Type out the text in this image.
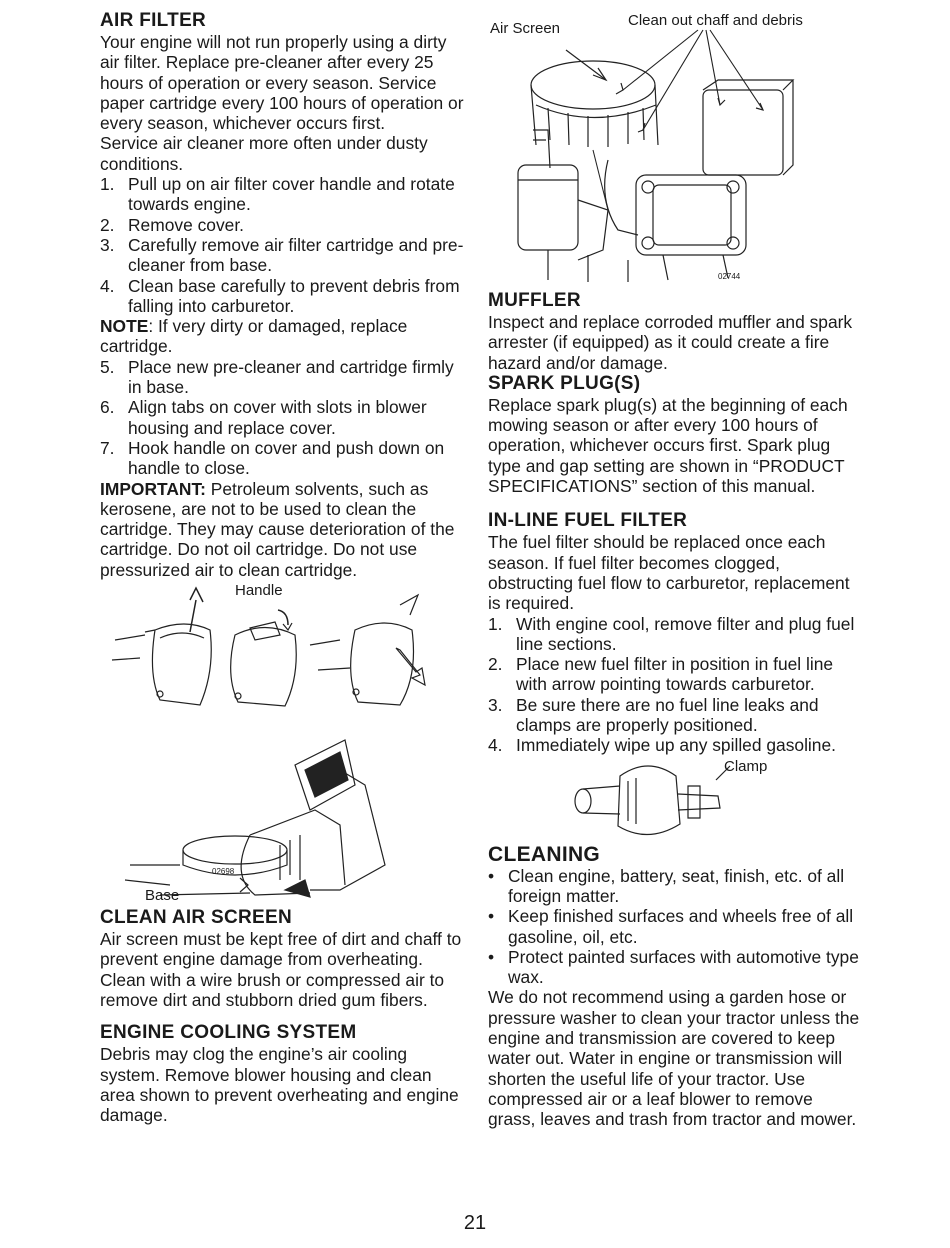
AIR FILTER

Your engine will not run properly using a dirty air filter. Replace pre-cleaner after every 25 hours of operation or every season. Service paper cartridge every 100 hours of operation or every season, whichever occurs first.

Service air cleaner more often under dusty conditions.

1. Pull up on air filter cover handle and rotate towards engine.
2. Remove cover.
3. Carefully remove air filter cartridge and pre-cleaner from base.
4. Clean base carefully to prevent debris from falling into carburetor.

NOTE: If very dirty or damaged, replace cartridge.

5. Place new pre-cleaner and cartridge firmly in base.
6. Align tabs on cover with slots in blower housing and replace cover.
7. Hook handle on cover and push down on handle to close.

IMPORTANT: Petroleum solvents, such as kerosene, are not to be used to clean the cartridge. They may cause deterioration of the cartridge. Do not oil cartridge. Do not use pressurized air to clean cartridge.

Handle
Base
02698
CLEAN AIR SCREEN

Air screen must be kept free of dirt and chaff to prevent engine damage from overheating. Clean with a wire brush or compressed air to remove dirt and stubborn dried gum fibers.

ENGINE COOLING SYSTEM

Debris may clog the engine’s air cooling system. Remove blower housing and clean area shown to prevent overheating and engine damage.

Air Screen	Clean out chaff and debris
02744
MUFFLER

Inspect and replace corroded muffler and spark arrester (if equipped) as it could create a fire hazard and/or damage.

SPARK PLUG(S)

Replace spark plug(s) at the beginning of each mowing season or after every 100 hours of operation, whichever occurs first. Spark plug type and gap setting are shown in “PRODUCT SPECIFICATIONS” section of this manual.

IN-LINE FUEL FILTER

The fuel filter should be replaced once each season. If fuel filter becomes clogged, obstructing fuel flow to carburetor, replacement is required.

1. With engine cool, remove filter and plug fuel line sections.
2. Place new fuel filter in position in fuel line with arrow pointing towards carburetor.
3. Be sure there are no fuel line leaks and clamps are properly positioned.
4. Immediately wipe up any spilled gasoline.
Clamp
CLEANING
• Clean engine, battery, seat, finish, etc. of all foreign matter.
• Keep finished surfaces and wheels free of all gasoline, oil, etc.
• Protect painted surfaces with automotive type wax.

We do not recommend using a garden hose or pressure washer to clean your tractor unless the engine and transmission are covered to keep water out. Water in engine or transmission will shorten the useful life of your tractor. Use compressed air or a leaf blower to remove grass, leaves and trash from tractor and mower.

21
